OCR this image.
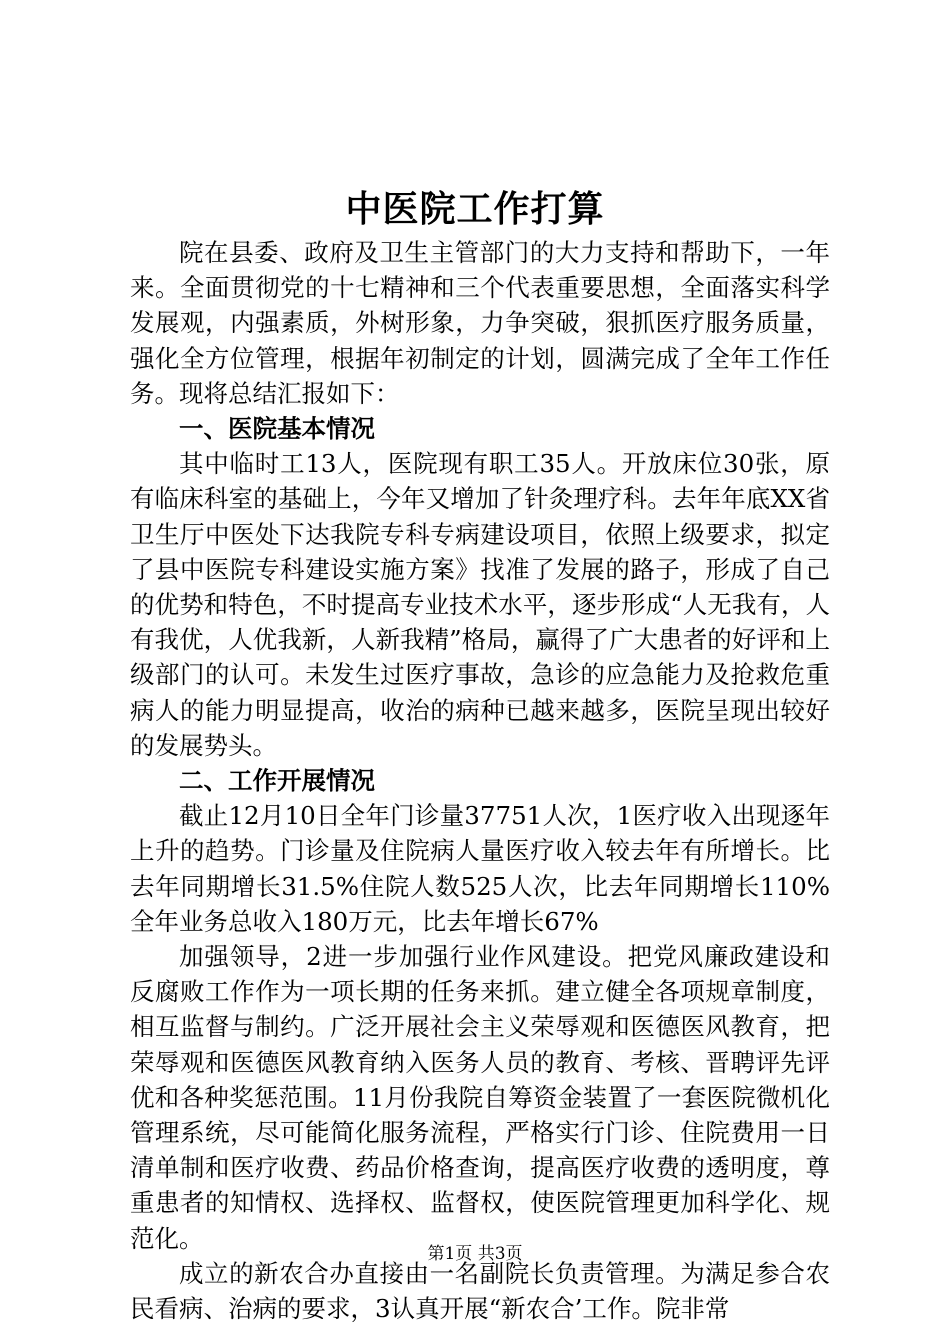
中医院工作打算

院在县委、政府及卫生主管部门的大力支持和帮助下，一年来。全面贯彻党的十七精神和三个代表重要思想，全面落实科学发展观，内强素质，外树形象，力争突破，狠抓医疗服务质量，强化全方位管理，根据年初制定的计划，圆满完成了全年工作任务。现将总结汇报如下：

一、医院基本情况

其中临时工13人，医院现有职工35人。开放床位30张，原有临床科室的基础上，今年又增加了针灸理疗科。去年年底XX省卫生厅中医处下达我院专科专病建设项目，依照上级要求，拟定了县中医院专科建设实施方案》找准了发展的路子，形成了自己的优势和特色，不时提高专业技术水平，逐步形成“人无我有，人有我优，人优我新，人新我精”格局，赢得了广大患者的好评和上级部门的认可。未发生过医疗事故，急诊的应急能力及抢救危重病人的能力明显提高，收治的病种已越来越多，医院呈现出较好的发展势头。

二、工作开展情况

截止12月10日全年门诊量37751人次，1医疗收入出现逐年上升的趋势。门诊量及住院病人量医疗收入较去年有所增长。比去年同期增长31.5%住院人数525人次，比去年同期增长110%全年业务总收入180万元，比去年增长67%

加强领导，2进一步加强行业作风建设。把党风廉政建设和反腐败工作作为一项长期的任务来抓。建立健全各项规章制度，相互监督与制约。广泛开展社会主义荣辱观和医德医风教育，把荣辱观和医德医风教育纳入医务人员的教育、考核、晋聘评先评优和各种奖惩范围。11月份我院自筹资金装置了一套医院微机化管理系统，尽可能简化服务流程，严格实行门诊、住院费用一日清单制和医疗收费、药品价格查询，提高医疗收费的透明度，尊重患者的知情权、选择权、监督权，使医院管理更加科学化、规范化。

成立的新农合办直接由一名副院长负责管理。为满足参合农民看病、治病的要求，3认真开展“新农合’工作。院非常

第1页 共3页
